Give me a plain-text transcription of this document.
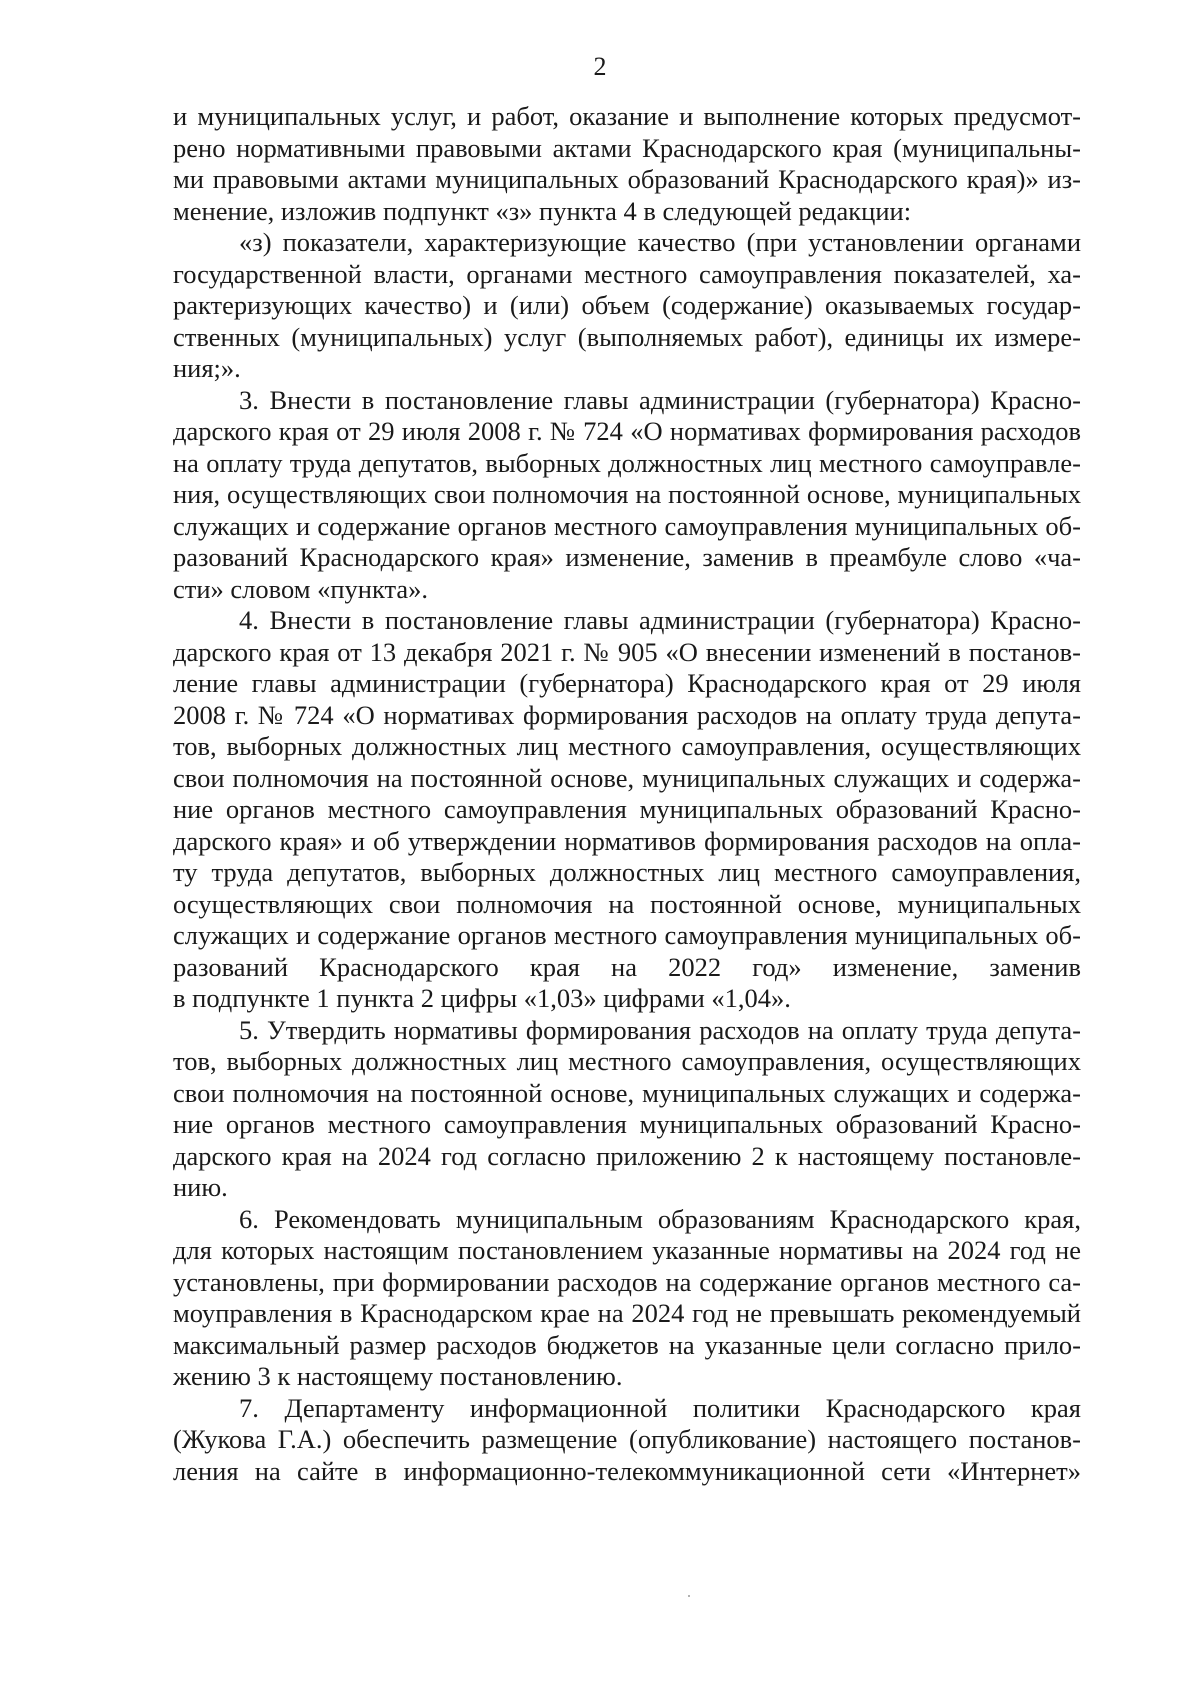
2
и муниципальных услуг, и работ, оказание и выполнение которых предусмот-
рено нормативными правовыми актами Краснодарского края (муниципальны-
ми правовыми актами муниципальных образований Краснодарского края)» из-
менение, изложив подпункт «з» пункта 4 в следующей редакции:
«з) показатели, характеризующие качество (при установлении органами
государственной власти, органами местного самоуправления показателей, ха-
рактеризующих качество) и (или) объем (содержание) оказываемых государ-
ственных (муниципальных) услуг (выполняемых работ), единицы их измере-
ния;».
3. Внести в постановление главы администрации (губернатора) Красно-
дарского края от 29 июля 2008 г. № 724 «О нормативах формирования расходов
на оплату труда депутатов, выборных должностных лиц местного самоуправле-
ния, осуществляющих свои полномочия на постоянной основе, муниципальных
служащих и содержание органов местного самоуправления муниципальных об-
разований Краснодарского края» изменение, заменив в преамбуле слово «ча-
сти» словом «пункта».
4. Внести в постановление главы администрации (губернатора) Красно-
дарского края от 13 декабря 2021 г. № 905 «О внесении изменений в постанов-
ление главы администрации (губернатора) Краснодарского края от 29 июля
2008 г. № 724 «О нормативах формирования расходов на оплату труда депута-
тов, выборных должностных лиц местного самоуправления, осуществляющих
свои полномочия на постоянной основе, муниципальных служащих и содержа-
ние органов местного самоуправления муниципальных образований Красно-
дарского края» и об утверждении нормативов формирования расходов на опла-
ту труда депутатов, выборных должностных лиц местного самоуправления,
осуществляющих свои полномочия на постоянной основе, муниципальных
служащих и содержание органов местного самоуправления муниципальных об-
разований Краснодарского края на 2022 год» изменение, заменив
в подпункте 1 пункта 2 цифры «1,03» цифрами «1,04».
5. Утвердить нормативы формирования расходов на оплату труда депута-
тов, выборных должностных лиц местного самоуправления, осуществляющих
свои полномочия на постоянной основе, муниципальных служащих и содержа-
ние органов местного самоуправления муниципальных образований Красно-
дарского края на 2024 год согласно приложению 2 к настоящему постановле-
нию.
6. Рекомендовать муниципальным образованиям Краснодарского края,
для которых настоящим постановлением указанные нормативы на 2024 год не
установлены, при формировании расходов на содержание органов местного са-
моуправления в Краснодарском крае на 2024 год не превышать рекомендуемый
максимальный размер расходов бюджетов на указанные цели согласно прило-
жению 3 к настоящему постановлению.
7. Департаменту информационной политики Краснодарского края
(Жукова Г.А.) обеспечить размещение (опубликование) настоящего постанов-
ления на сайте в информационно-телекоммуникационной сети «Интернет»
